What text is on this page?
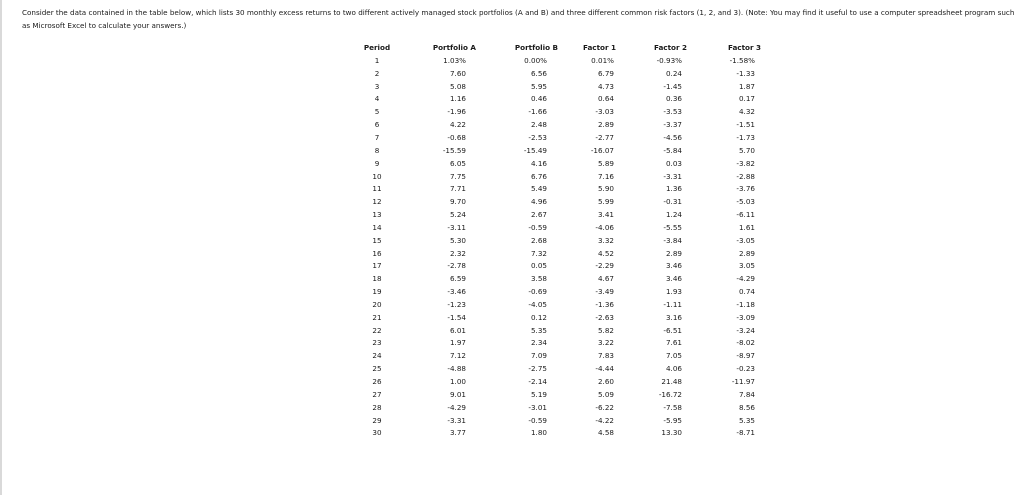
Consider the data contained in the table below, which lists 30 monthly excess returns to two different actively managed stock portfolios (A and B) and three different common risk factors (1, 2, and 3). (Note: You may find it useful to use a computer spreadsheet program such as Microsoft Excel to calculate your answers.)

Period	Portfolio A	Portfolio B	Factor 1	Factor 2	Factor 3
1	1.03%	0.00%	0.01%	-0.93%	-1.58%
2	7.60	6.56	6.79	0.24	-1.33
3	5.08	5.95	4.73	-1.45	1.87
4	1.16	0.46	0.64	0.36	0.17
5	-1.96	-1.66	-3.03	-3.53	4.32
6	4.22	2.48	2.89	-3.37	-1.51
7	-0.68	-2.53	-2.77	-4.56	-1.73
8	-15.59	-15.49	-16.07	-5.84	5.70
9	6.05	4.16	5.89	0.03	-3.82
10	7.75	6.76	7.16	-3.31	-2.88
11	7.71	5.49	5.90	1.36	-3.76
12	9.70	4.96	5.99	-0.31	-5.03
13	5.24	2.67	3.41	1.24	-6.11
14	-3.11	-0.59	-4.06	-5.55	1.61
15	5.30	2.68	3.32	-3.84	-3.05
16	2.32	7.32	4.52	2.89	2.89
17	-2.78	0.05	-2.29	3.46	3.05
18	6.59	3.58	4.67	3.46	-4.29
19	-3.46	-0.69	-3.49	1.93	0.74
20	-1.23	-4.05	-1.36	-1.11	-1.18
21	-1.54	0.12	-2.63	3.16	-3.09
22	6.01	5.35	5.82	-6.51	-3.24
23	1.97	2.34	3.22	7.61	-8.02
24	7.12	7.09	7.83	7.05	-8.97
25	-4.88	-2.75	-4.44	4.06	-0.23
26	1.00	-2.14	2.60	21.48	-11.97
27	9.01	5.19	5.09	-16.72	7.84
28	-4.29	-3.01	-6.22	-7.58	8.56
29	-3.31	-0.59	-4.22	-5.95	5.35
30	3.77	1.80	4.58	13.30	-8.71
